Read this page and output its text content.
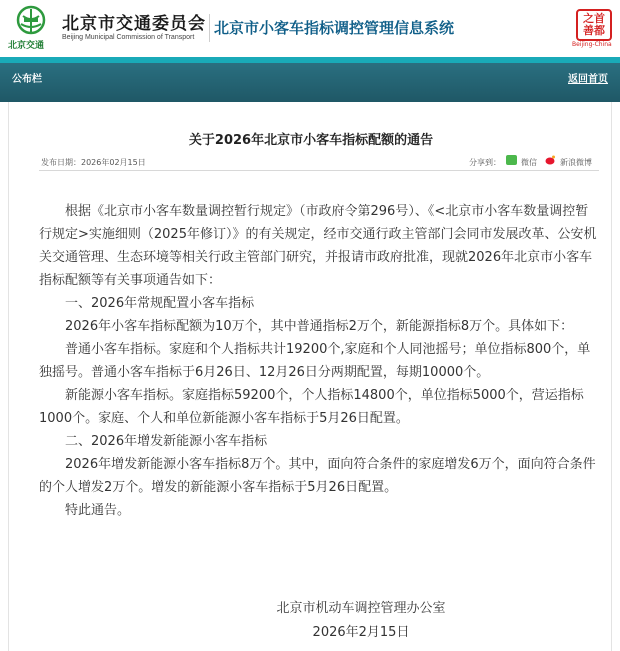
北京交通
北京市交通委员会
Beijing Municipal Commission of Transport
北京市小客车指标调控管理信息系统
之首善都
Beijing-China
公布栏	返回首页
关于2026年北京市小客车指标配额的通告
发布日期：2026年02月15日	分享到：	微信	新浪微博

根据《北京市小客车数量调控暂行规定》（市政府令第296号）、《<北京市小客车数量调控暂行规定>实施细则（2025年修订）》的有关规定，经市交通行政主管部门会同市发展改革、公安机关交通管理、生态环境等相关行政主管部门研究，并报请市政府批准，现就2026年北京市小客车指标配额等有关事项通告如下：

一、2026年常规配置小客车指标

2026年小客车指标配额为10万个，其中普通指标2万个，新能源指标8万个。具体如下：

普通小客车指标。家庭和个人指标共计19200个,家庭和个人同池摇号；单位指标800个，单独摇号。普通小客车指标于6月26日、12月26日分两期配置，每期10000个。

新能源小客车指标。家庭指标59200个，个人指标14800个，单位指标5000个，营运指标1000个。家庭、个人和单位新能源小客车指标于5月26日配置。

二、2026年增发新能源小客车指标

2026年增发新能源小客车指标8万个。其中，面向符合条件的家庭增发6万个，面向符合条件的个人增发2万个。增发的新能源小客车指标于5月26日配置。

特此通告。

北京市机动车调控管理办公室
2026年2月15日
